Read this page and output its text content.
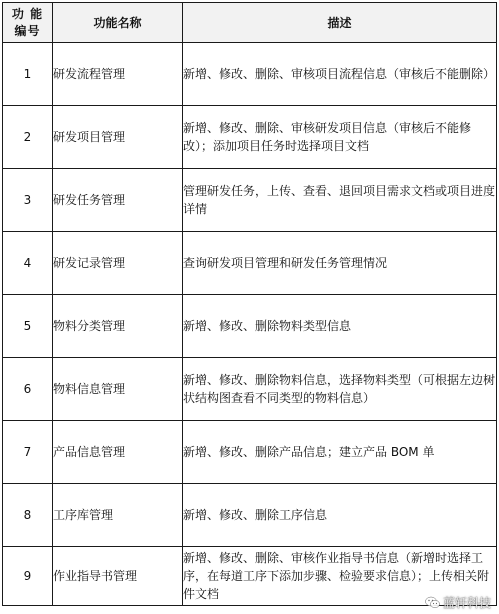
功 能
编号	功能名称	描述
1	研发流程管理	新增、修改、删除、审核项目流程信息（审核后不能删除）
2	研发项目管理	新增、修改、删除、审核研发项目信息（审核后不能修改）；添加项目任务时选择项目文档
3	研发任务管理	管理研发任务，上传、查看、退回项目需求文档或项目进度详情
4	研发记录管理	查询研发项目管理和研发任务管理情况
5	物料分类管理	新增、修改、删除物料类型信息
6	物料信息管理	新增、修改、删除物料信息，选择物料类型（可根据左边树状结构图查看不同类型的物料信息）
7	产品信息管理	新增、修改、删除产品信息；建立产品 BOM 单
8	工序库管理	新增、修改、删除工序信息
9	作业指导书管理	新增、修改、删除、审核作业指导书信息（新增时选择工序，在每道工序下添加步骤、检验要求信息）；上传相关附件文档
蓝轩科技
